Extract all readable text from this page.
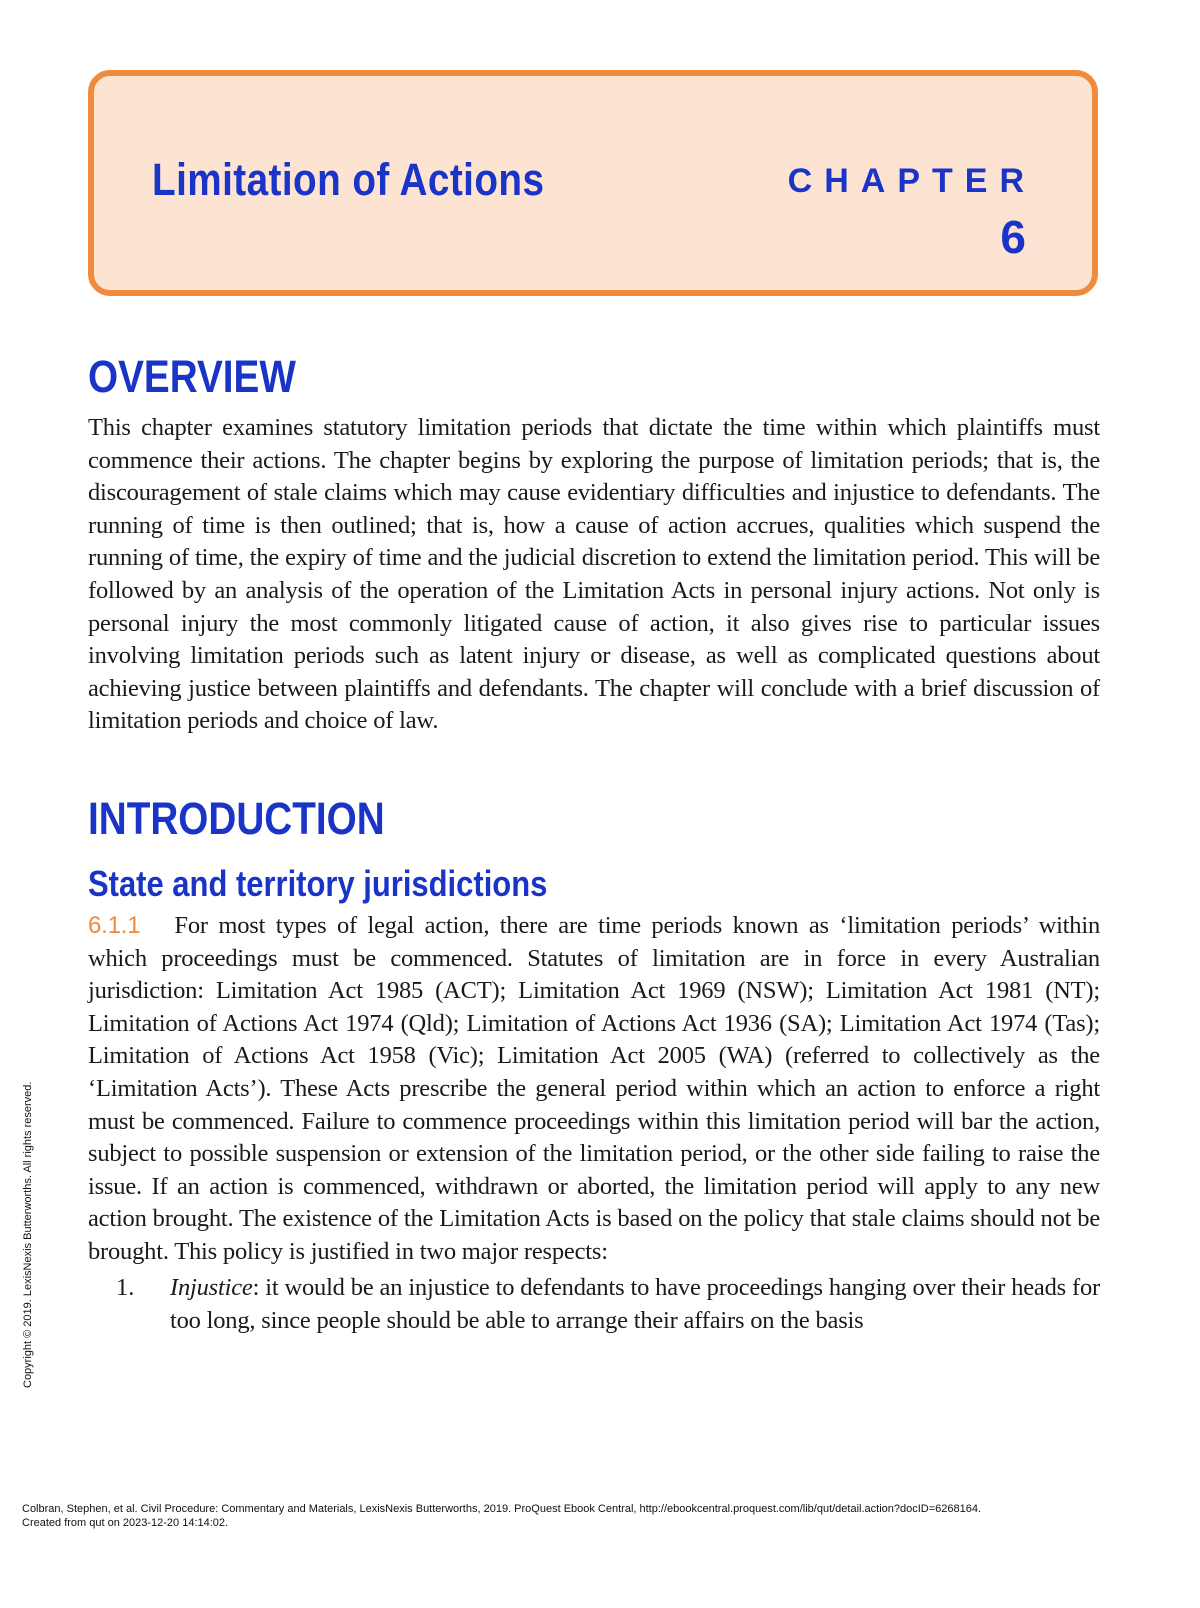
Limitation of Actions	CHAPTER
6
OVERVIEW

This chapter examines statutory limitation periods that dictate the time within which plaintiffs must commence their actions. The chapter begins by exploring the purpose of limitation periods; that is, the discouragement of stale claims which may cause evidentiary difficulties and injustice to defendants. The running of time is then outlined; that is, how a cause of action accrues, qualities which suspend the running of time, the expiry of time and the judicial discretion to extend the limitation period. This will be followed by an analysis of the operation of the Limitation Acts in personal injury actions. Not only is personal injury the most commonly litigated cause of action, it also gives rise to particular issues involving limitation periods such as latent injury or disease, as well as complicated questions about achieving justice between plaintiffs and defendants. The chapter will conclude with a brief discussion of limitation periods and choice of law.

INTRODUCTION
State and territory jurisdictions

6.1.1 For most types of legal action, there are time periods known as ‘limitation periods’ within which proceedings must be commenced. Statutes of limitation are in force in every Australian jurisdiction: Limitation Act 1985 (ACT); Limitation Act 1969 (NSW); Limitation Act 1981 (NT); Limitation of Actions Act 1974 (Qld); Limitation of Actions Act 1936 (SA); Limitation Act 1974 (Tas); Limitation of Actions Act 1958 (Vic); Limitation Act 2005 (WA) (referred to collectively as the ‘Limitation Acts’). These Acts prescribe the general period within which an action to enforce a right must be commenced. Failure to commence proceedings within this limitation period will bar the action, subject to possible suspension or extension of the limitation period, or the other side failing to raise the issue. If an action is commenced, withdrawn or aborted, the limitation period will apply to any new action brought. The existence of the Limitation Acts is based on the policy that stale claims should not be brought. This policy is justified in two major respects:

1.	Injustice: it would be an injustice to defendants to have proceedings hanging over their heads for too long, since people should be able to arrange their affairs on the basis

Copyright © 2019. LexisNexis Butterworths. All rights reserved.
Colbran, Stephen, et al. Civil Procedure: Commentary and Materials, LexisNexis Butterworths, 2019. ProQuest Ebook Central, http://ebookcentral.proquest.com/lib/qut/detail.action?docID=6268164.
Created from qut on 2023-12-20 14:14:02.
